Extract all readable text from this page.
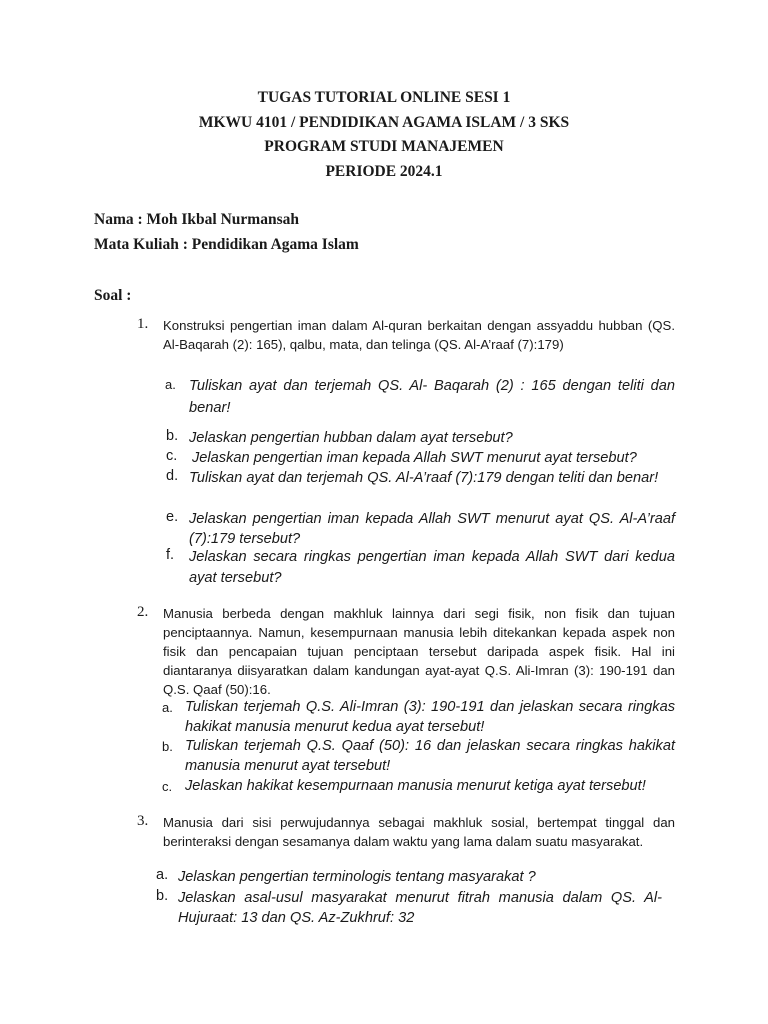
TUGAS TUTORIAL ONLINE SESI 1
MKWU 4101 / PENDIDIKAN AGAMA ISLAM / 3 SKS
PROGRAM STUDI MANAJEMEN
PERIODE 2024.1
Nama : Moh Ikbal Nurmansah
Mata Kuliah : Pendidikan Agama Islam
Soal :
1. Konstruksi pengertian iman dalam Al-quran berkaitan dengan assyaddu hubban (QS. Al-Baqarah (2): 165), qalbu, mata, dan telinga (QS. Al-A’raaf (7):179)
a. Tuliskan ayat dan terjemah QS. Al- Baqarah (2) : 165 dengan teliti dan benar!
b. Jelaskan pengertian hubban dalam ayat tersebut?
c. Jelaskan pengertian iman kepada Allah SWT menurut ayat tersebut?
d. Tuliskan ayat dan terjemah QS. Al-A’raaf (7):179 dengan teliti dan benar!
e. Jelaskan pengertian iman kepada Allah SWT menurut ayat QS. Al-A’raaf (7):179 tersebut?
f. Jelaskan secara ringkas pengertian iman kepada Allah SWT dari kedua ayat tersebut?
2. Manusia berbeda dengan makhluk lainnya dari segi fisik, non fisik dan tujuan penciptaannya. Namun, kesempurnaan manusia lebih ditekankan kepada aspek non fisik dan pencapaian tujuan penciptaan tersebut daripada aspek fisik. Hal ini diantaranya diisyaratkan dalam kandungan ayat-ayat Q.S. Ali-Imran (3): 190-191 dan Q.S. Qaaf (50):16.
a. Tuliskan terjemah Q.S. Ali-Imran (3): 190-191 dan jelaskan secara ringkas hakikat manusia menurut kedua ayat tersebut!
b. Tuliskan terjemah Q.S. Qaaf (50): 16 dan jelaskan secara ringkas hakikat manusia menurut ayat tersebut!
c. Jelaskan hakikat kesempurnaan manusia menurut ketiga ayat tersebut!
3. Manusia dari sisi perwujudannya sebagai makhluk sosial, bertempat tinggal dan berinteraksi dengan sesamanya dalam waktu yang lama dalam suatu masyarakat.
a. Jelaskan pengertian terminologis tentang masyarakat ?
b. Jelaskan asal-usul masyarakat menurut fitrah manusia dalam QS. Al-Hujuraat: 13 dan QS. Az-Zukhruf: 32
